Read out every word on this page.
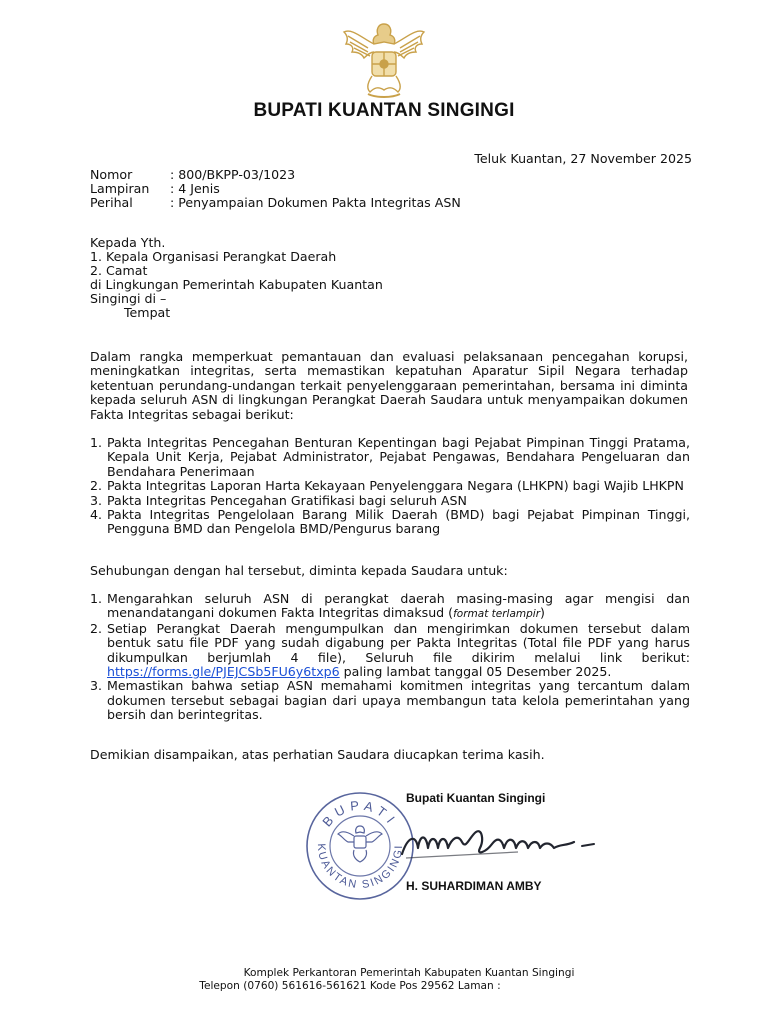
BUPATI KUANTAN SINGINGI
Teluk Kuantan, 27 November 2025
Nomor	: 800/BKPP-03/1023
Lampiran : 4 Jenis
Perihal	: Penyampaian Dokumen Pakta Integritas ASN
Kepada Yth.
1. Kepala Organisasi Perangkat Daerah
2. Camat
di Lingkungan Pemerintah Kabupaten Kuantan
Singingi di –
Tempat
Dalam rangka memperkuat pemantauan dan evaluasi pelaksanaan pencegahan korupsi, meningkatkan integritas, serta memastikan kepatuhan Aparatur Sipil Negara terhadap ketentuan perundang-undangan terkait penyelenggaraan pemerintahan, bersama ini diminta kepada seluruh ASN di lingkungan Perangkat Daerah Saudara untuk menyampaikan dokumen Fakta Integritas sebagai berikut:
1. Pakta Integritas Pencegahan Benturan Kepentingan bagi Pejabat Pimpinan Tinggi Pratama, Kepala Unit Kerja, Pejabat Administrator, Pejabat Pengawas, Bendahara Pengeluaran dan Bendahara Penerimaan
2. Pakta Integritas Laporan Harta Kekayaan Penyelenggara Negara (LHKPN) bagi Wajib LHKPN
3. Pakta Integritas Pencegahan Gratifikasi bagi seluruh ASN
4. Pakta Integritas Pengelolaan Barang Milik Daerah (BMD) bagi Pejabat Pimpinan Tinggi, Pengguna BMD dan Pengelola BMD/Pengurus barang
Sehubungan dengan hal tersebut, diminta kepada Saudara untuk:
1. Mengarahkan seluruh ASN di perangkat daerah masing-masing agar mengisi dan menandatangani dokumen Fakta Integritas dimaksud (format terlampir)
2. Setiap Perangkat Daerah mengumpulkan dan mengirimkan dokumen tersebut dalam bentuk satu file PDF yang sudah digabung per Pakta Integritas (Total file PDF yang harus dikumpulkan berjumlah 4 file), Seluruh file dikirim melalui link berikut: https://forms.gle/PJEJCSb5FU6y6txp6 paling lambat tanggal 05 Desember 2025.
3. Memastikan bahwa setiap ASN memahami komitmen integritas yang tercantum dalam dokumen tersebut sebagai bagian dari upaya membangun tata kelola pemerintahan yang bersih dan berintegritas.
Demikian disampaikan, atas perhatian Saudara diucapkan terima kasih.
BUPATI
KUANTAN SINGINGI
Bupati Kuantan Singingi
H. SUHARDIMAN AMBY
Komplek Perkantoran Pemerintah Kabupaten Kuantan Singingi
Telepon (0760) 561616-561621 Kode Pos 29562 Laman :
